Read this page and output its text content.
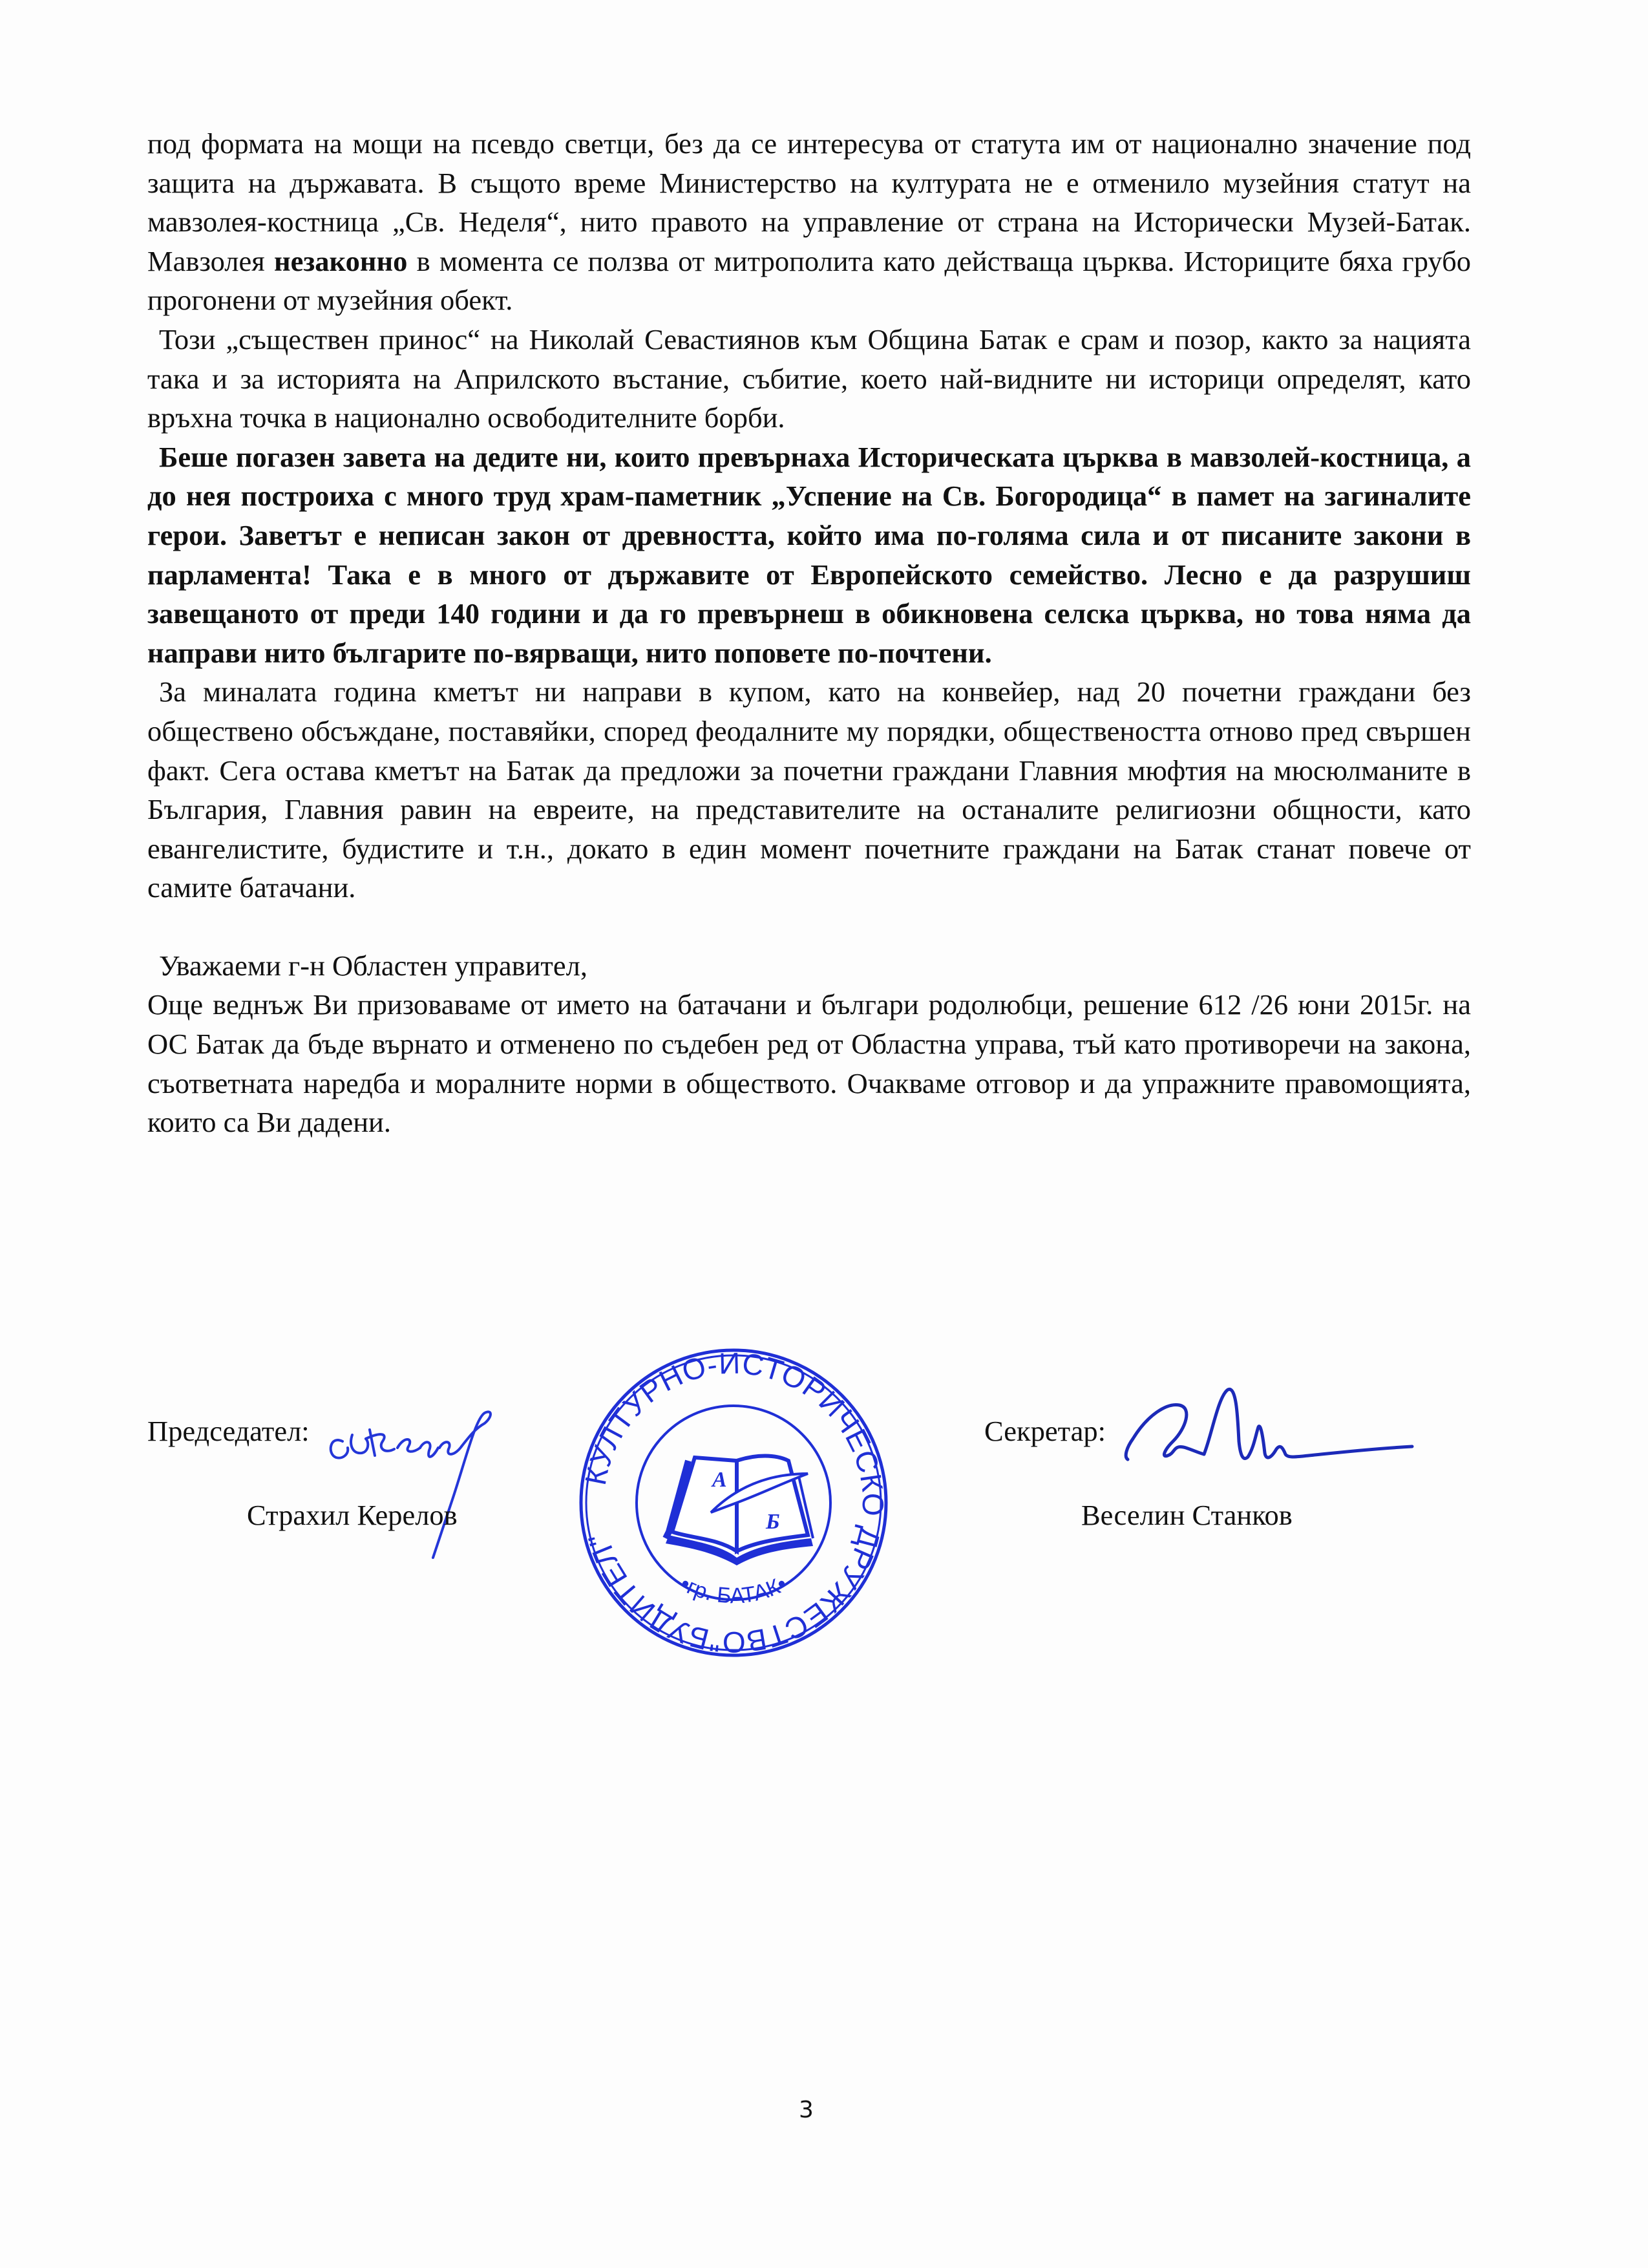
под формата на мощи на псевдо светци, без да се интересува от статута им от национално значение под защита на държавата. В същото време Министерство на културата не е отменило музейния статут на мавзолея-костница „Св. Неделя“, нито правото на управление от страна на Исторически Музей-Батак. Мавзолея незаконно в момента се ползва от митрополита като действаща църква. Историците бяха грубо прогонени от музейния обект.

Този „съществен принос“ на Николай Севастиянов към Община Батак е срам и позор, както за нацията така и за историята на Априлското въстание, събитие, което най-видните ни историци определят, като връхна точка в национално освободителните борби.

Беше погазен завета на дедите ни, които превърнаха Историческата църква в мавзолей-костница, а до нея построиха с много труд храм-паметник „Успение на Св. Богородица“ в памет на загиналите герои. Заветът е неписан закон от древността, който има по-голяма сила и от писаните закони в парламента! Така е в много от държавите от Европейското семейство. Лесно е да разрушиш завещаното от преди 140 години и да го превърнеш в обикновена селска църква, но това няма да направи нито българите по-вярващи, нито поповете по-почтени.

За миналата година кметът ни направи в купом, като на конвейер, над 20 почетни граждани без обществено обсъждане, поставяйки, според феодалните му порядки, обществеността отново пред свършен факт. Сега остава кметът на Батак да предложи за почетни граждани Главния мюфтия на мюсюлманите в България, Главния равин на евреите, на представителите на останалите религиозни общности, като евангелистите, будистите и т.н., докато в един момент почетните граждани на Батак станат повече от самите батачани.

Уважаеми г-н Областен управител,

Още веднъж Ви призоваваме от името на батачани и българи родолюбци, решение 612 /26 юни 2015г. на ОС Батак да бъде върнато и отменено по съдебен ред от Областна управа, тъй като противоречи на закона, съответната наредба и моралните норми в обществото. Очакваме отговор и да упражните правомощията, които са Ви дадени.

Председател:
Страхил Керелов
КУЛТУРНО-ИСТОРИЧЕСКО ДРУЖЕСТВО"БУДИТЕЛ"
•гр. БАТАК•
А
Б
Секретар:
Веселин Станков
3
